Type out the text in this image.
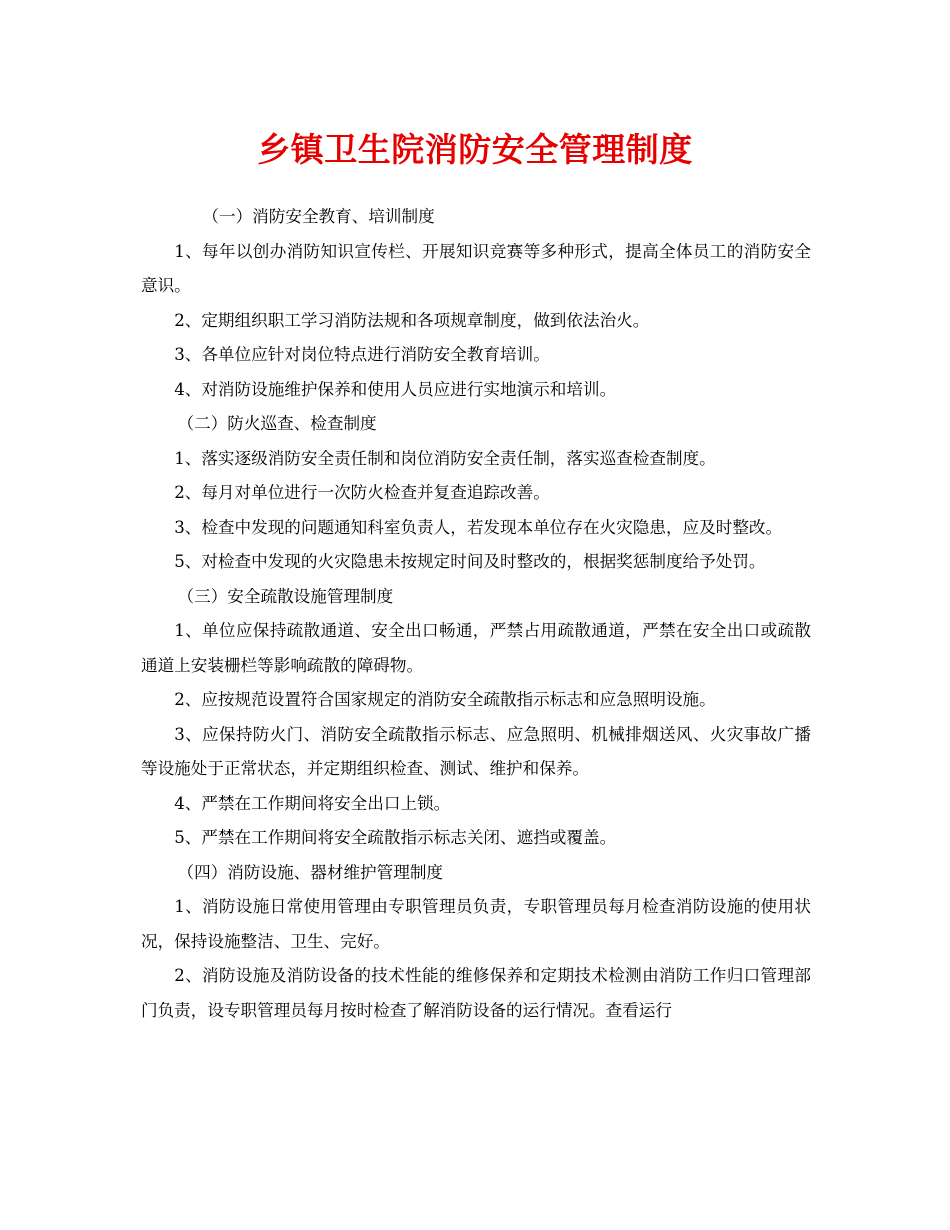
乡镇卫生院消防安全管理制度

（一）消防安全教育、培训制度

1、每年以创办消防知识宣传栏、开展知识竞赛等多种形式，提高全体员工的消防安全意识。

2、定期组织职工学习消防法规和各项规章制度，做到依法治火。

3、各单位应针对岗位特点进行消防安全教育培训。

4、对消防设施维护保养和使用人员应进行实地演示和培训。

（二）防火巡查、检查制度

1、落实逐级消防安全责任制和岗位消防安全责任制，落实巡查检查制度。

2、每月对单位进行一次防火检查并复查追踪改善。

3、检查中发现的问题通知科室负责人，若发现本单位存在火灾隐患，应及时整改。

5、对检查中发现的火灾隐患未按规定时间及时整改的，根据奖惩制度给予处罚。

（三）安全疏散设施管理制度

1、单位应保持疏散通道、安全出口畅通，严禁占用疏散通道，严禁在安全出口或疏散通道上安装栅栏等影响疏散的障碍物。

2、应按规范设置符合国家规定的消防安全疏散指示标志和应急照明设施。

3、应保持防火门、消防安全疏散指示标志、应急照明、机械排烟送风、火灾事故广播等设施处于正常状态，并定期组织检查、测试、维护和保养。

4、严禁在工作期间将安全出口上锁。

5、严禁在工作期间将安全疏散指示标志关闭、遮挡或覆盖。

（四）消防设施、器材维护管理制度

1、消防设施日常使用管理由专职管理员负责，专职管理员每月检查消防设施的使用状况，保持设施整洁、卫生、完好。

2、消防设施及消防设备的技术性能的维修保养和定期技术检测由消防工作归口管理部门负责，设专职管理员每月按时检查了解消防设备的运行情况。查看运行
